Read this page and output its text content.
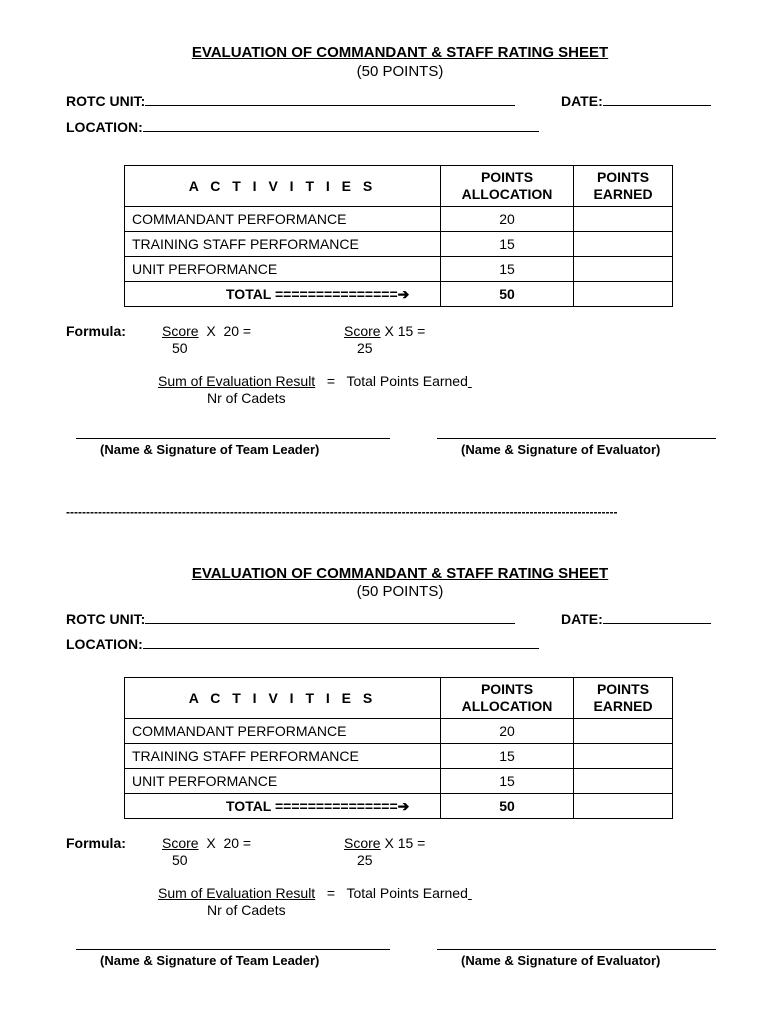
EVALUATION OF COMMANDANT & STAFF RATING SHEET
(50 POINTS)
ROTC UNIT:	DATE:
LOCATION:
A C T I V I T I E S	POINTS ALLOCATION	POINTS EARNED
COMMANDANT PERFORMANCE	20	
TRAINING STAFF PERFORMANCE	15	
UNIT PERFORMANCE	15	
TOTAL ===============➔	50	
Formula:	Score  X  20 =
50
Score X 15 =
25
Sum of Evaluation Result   =   Total Points Earned
Nr of Cadets
(Name & Signature of Team Leader)	(Name & Signature of Evaluator)
------------------------------------------------------------------------------------------------------------------------------------------
EVALUATION OF COMMANDANT & STAFF RATING SHEET
(50 POINTS)
ROTC UNIT:	DATE:
LOCATION:
A C T I V I T I E S	POINTS ALLOCATION	POINTS EARNED
COMMANDANT PERFORMANCE	20	
TRAINING STAFF PERFORMANCE	15	
UNIT PERFORMANCE	15	
TOTAL ===============➔	50	
Formula:	Score  X  20 =
50
Score X 15 =
25
Sum of Evaluation Result   =   Total Points Earned
Nr of Cadets
(Name & Signature of Team Leader)	(Name & Signature of Evaluator)
